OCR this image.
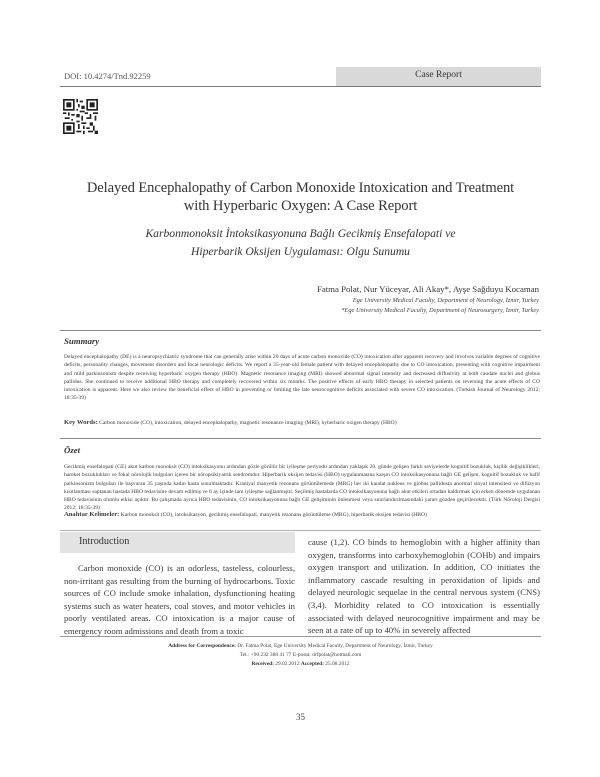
DOI: 10.4274/Tnd.92259	Case Report
Delayed Encephalopathy of Carbon Monoxide Intoxication and Treatment
with Hyperbaric Oxygen: A Case Report
Karbonmonoksit İntoksikasyonuna Bağlı Gecikmiş Ensefalopati ve
Hiperbarik Oksijen Uygulaması: Olgu Sunumu
Fatma Polat, Nur Yüceyar, Ali Akay*, Ayşe Sağduyu Kocaman
Ege University Medical Faculty, Department of Neurology, İzmir, Turkey
*Ege University Medical Faculty, Department of Neurosurgery, İzmir, Turkey
Summary
Delayed encephalopathy (DE) is a neuropsychiatric syndrome that can generally arise within 20 days of acute carbon monoxide (CO) intoxication after apparent recovery and involves variable degrees of cognitive deficits, personality changes, movement disorders and focal neurologic deficits. We report a 35-year-old female patient with delayed encephalopathy due to CO intoxication, presenting with cognitive impairment and mild parkinsonism despite receiving hyperbaric oxygen therapy (HBO). Magnetic resonance imaging (MRI) showed abnormal signal intensity and decreased diffusivity at both caudate nuclei and globus pallidus. She continued to receive additional HBO therapy and completely recovered within six months. The positive effects of early HBO therapy in selected patients on reversing the acute effects of CO intoxication is apparent. Here we also review the beneficial effect of HBO in preventing or limiting the late neurocognitive deficits associated with severe CO intoxication. (Turkish Journal of Neurology 2012; 18:35-39)
Key Words: Carbon monoxide (CO), intoxication, delayed encephalopathy, magnetic resonance imaging (MRI), hyberbaric oxigen therapy (HBO)
Özet
Gecikmiş ensefalopati (GE) akut karbon monoksit (CO) intoksikasyonu ardından gözle görülür bir iyileşme periyodu ardından yaklaşık 20. günde gelişen farklı seviyelerde kognitif bozukluk, kişilik değişiklikleri, hareket bozuklukları ve fokal nörolojik bulguları içeren bir nöropsikiyatrik sendromdur. Hiperbarik oksijen tedavisi (HBO) uygulanmasına karşın CO intoksikasyonuna bağlı GE gelişen, kognitif bozukluk ve hafif parkinsonizm bulguları ile başvuran 35 yaşında kadın hasta sunulmaktadır. Kraniyal manyetik rezonans görüntülemede (MRG) her iki kaudat nukleus ve globus pallidusta anormal sinyal intensitesi ve difüzyon kısıtlanması saptanan hastada HBO tedavisine devam edilmiş ve 6 ay içinde tam iyileşme sağlanmıştır. Seçilmiş hastalarda CO intoksikasyonuna bağlı akut etkileri ortadan kaldırmak için erken dönemde uygulanan HBO tedavisinin olumlu etkisi açıktır. Bu çalışmada ayrıca HBO tedavisinin, CO intoksikasyonuna bağlı GE gelişiminin önlenmesi veya sınırlandırılmasındaki yararı gözden geçirilecektir. (Türk Nöroloji Dergisi 2012; 18:35-39)
Anahtar Kelimeler: Karbon monoksit (CO), intoksikasyon, gecikmiş ensefalopati, manyetik rezonans görüntüleme (MRG), hiperbarik oksijen tedavisi (HBO)
Introduction
Carbon monoxide (CO) is an odorless, tasteless, colourless, non-irritant gas resulting from the burning of hydrocarbons. Toxic sources of CO include smoke inhalation, dysfunctioning heating systems such as water heaters, coal stoves, and motor vehicles in poorly ventilated areas. CO intoxication is a major cause of emergency room admissions and death from a toxic
cause (1,2). CO binds to hemoglobin with a higher affinity than oxygen, transforms into carboxyhemoglobin (COHb) and impairs oxygen transport and utilization. In addition, CO initiates the inflammatory cascade resulting in peroxidation of lipids and delayed neurologic sequelae in the central nervous system (CNS) (3,4). Morbidity related to CO intoxication is essentially associated with delayed neurocognitive impairment and may be seen at a rate of up to 40% in severely affected
Address for Correspondence: Dr. Fatma Polat, Ege University Medical Faculty, Department of Neurology, İzmir, Turkey
Tel.: +90 232 388 41 77 E-posta: drfpolat@hotmail.com
Received: 29.02.2012 Accepted: 25.08.2012
35
